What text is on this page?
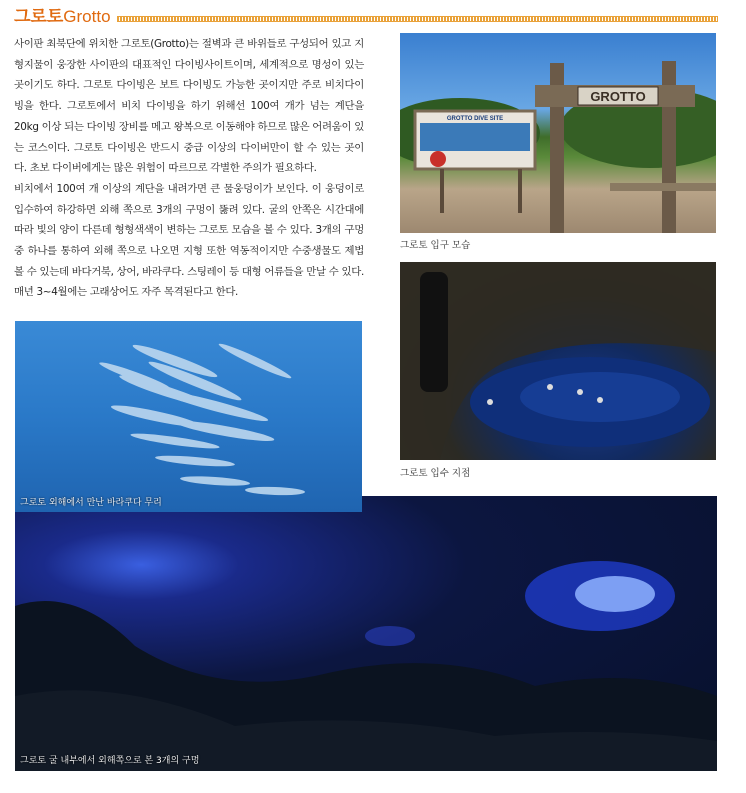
그로토Grotto

사이판 최북단에 위치한 그로토(Grotto)는 절벽과 큰 바위들로 구성되어 있고 지형지물이 웅장한 사이판의 대표적인 다이빙사이트이며, 세계적으로 명성이 있는 곳이기도 하다. 그로토 다이빙은 보트 다이빙도 가능한 곳이지만 주로 비치다이빙을 한다. 그로토에서 비치 다이빙을 하기 위해선 100여 개가 넘는 계단을 20kg 이상 되는 다이빙 장비를 메고 왕복으로 이동해야 하므로 많은 어려움이 있는 코스이다. 그로토 다이빙은 반드시 중급 이상의 다이버만이 할 수 있는 곳이다. 초보 다이버에게는 많은 위험이 따르므로 각별한 주의가 필요하다.

비치에서 100여 개 이상의 계단을 내려가면 큰 물웅덩이가 보인다. 이 웅덩이로 입수하여 하강하면 외해 쪽으로 3개의 구멍이 뚫려 있다. 굴의 안쪽은 시간대에 따라 빛의 양이 다른데 형형색색이 변하는 그로토 모습을 볼 수 있다. 3개의 구멍 중 하나를 통하여 외해 쪽으로 나오면 지형 또한 역동적이지만 수중생물도 제법 볼 수 있는데 바다거북, 상어, 바라쿠다. 스팅레이 등 대형 어류들을 만날 수 있다. 매년 3~4월에는 고래상어도 자주 목격된다고 한다.

GROTTO
GROTTO DIVE SITE
그로토 입구 모습
그로토 입수 지점
그로토 굴 내부에서 외해쪽으로 본 3개의 구멍
그로토 외해에서 만난 바라쿠다 무리
